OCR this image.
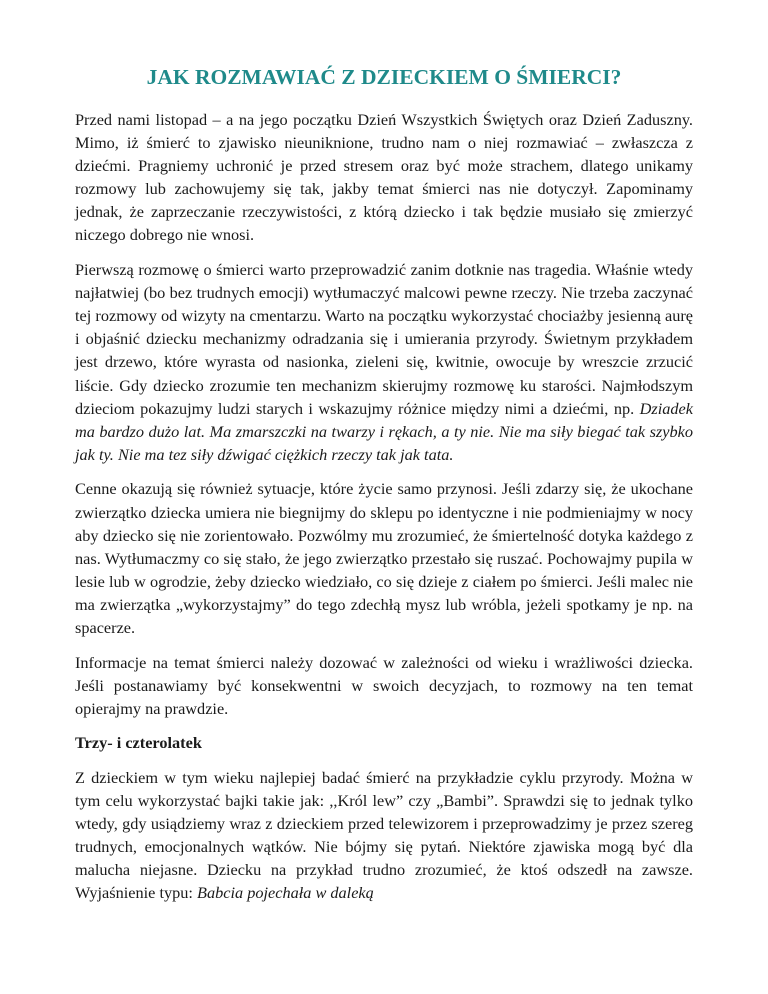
JAK ROZMAWIAĆ Z DZIECKIEM O ŚMIERCI?

Przed nami listopad – a na jego początku Dzień Wszystkich Świętych oraz Dzień Zaduszny. Mimo, iż śmierć to zjawisko nieuniknione, trudno nam o niej rozmawiać – zwłaszcza z dziećmi. Pragniemy uchronić je przed stresem oraz być może strachem, dlatego unikamy rozmowy lub zachowujemy się tak, jakby temat śmierci nas nie dotyczył. Zapominamy jednak, że zaprzeczanie rzeczywistości, z którą dziecko i tak będzie musiało się zmierzyć niczego dobrego nie wnosi.

Pierwszą rozmowę o śmierci warto przeprowadzić zanim dotknie nas tragedia. Właśnie wtedy najłatwiej (bo bez trudnych emocji) wytłumaczyć malcowi pewne rzeczy. Nie trzeba zaczynać tej rozmowy od wizyty na cmentarzu. Warto na początku wykorzystać chociażby jesienną aurę i objaśnić dziecku mechanizmy odradzania się i umierania przyrody. Świetnym przykładem jest drzewo, które wyrasta od nasionka, zieleni się, kwitnie, owocuje by wreszcie zrzucić liście. Gdy dziecko zrozumie ten mechanizm skierujmy rozmowę ku starości. Najmłodszym dzieciom pokazujmy ludzi starych i wskazujmy różnice między nimi a dziećmi, np. Dziadek ma bardzo dużo lat. Ma zmarszczki na twarzy i rękach, a ty nie. Nie ma siły biegać tak szybko jak ty. Nie ma tez siły dźwigać ciężkich rzeczy tak jak tata.

Cenne okazują się również sytuacje, które życie samo przynosi. Jeśli zdarzy się, że ukochane zwierzątko dziecka umiera nie biegnijmy do sklepu po identyczne i nie podmieniajmy w nocy aby dziecko się nie zorientowało. Pozwólmy mu zrozumieć, że śmiertelność dotyka każdego z nas. Wytłumaczmy co się stało, że jego zwierzątko przestało się ruszać. Pochowajmy pupila w lesie lub w ogrodzie, żeby dziecko wiedziało, co się dzieje z ciałem po śmierci. Jeśli malec nie ma zwierzątka „wykorzystajmy” do tego zdechłą mysz lub wróbla, jeżeli spotkamy je np. na spacerze.

Informacje na temat śmierci należy dozować w zależności od wieku i wrażliwości dziecka. Jeśli postanawiamy być konsekwentni w swoich decyzjach, to rozmowy na ten temat opierajmy na prawdzie.

Trzy- i czterolatek

Z dzieckiem w tym wieku najlepiej badać śmierć na przykładzie cyklu przyrody. Można w tym celu wykorzystać bajki takie jak: ,,Król lew” czy „Bambi”. Sprawdzi się to jednak tylko wtedy, gdy usiądziemy wraz z dzieckiem przed telewizorem i przeprowadzimy je przez szereg trudnych, emocjonalnych wątków. Nie bójmy się pytań. Niektóre zjawiska mogą być dla malucha niejasne. Dziecku na przykład trudno zrozumieć, że ktoś odszedł na zawsze. Wyjaśnienie typu: Babcia pojechała w daleką
